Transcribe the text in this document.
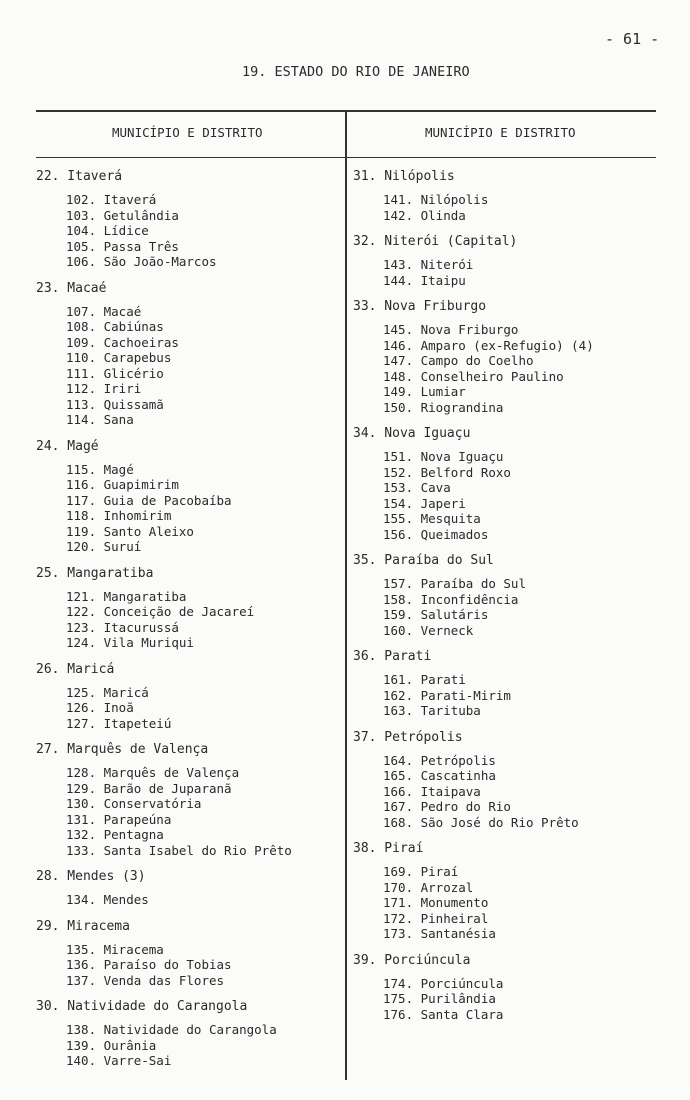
- 61 -
19. ESTADO DO RIO DE JANEIRO
MUNICÍPIO E DISTRITO	MUNICÍPIO E DISTRITO
22. Itaverá
102. Itaverá
103. Getulândia
104. Lídice
105. Passa Três
106. São João-Marcos
23. Macaé
107. Macaé
108. Cabiúnas
109. Cachoeiras
110. Carapebus
111. Glicério
112. Iriri
113. Quissamã
114. Sana
24. Magé
115. Magé
116. Guapimirim
117. Guia de Pacobaíba
118. Inhomirim
119. Santo Aleixo
120. Suruí
25. Mangaratiba
121. Mangaratiba
122. Conceição de Jacareí
123. Itacurussá
124. Vila Muriqui
26. Maricá
125. Maricá
126. Inoã
127. Itapeteiú
27. Marquês de Valença
128. Marquês de Valença
129. Barão de Juparanã
130. Conservatória
131. Parapeúna
132. Pentagna
133. Santa Isabel do Rio Prêto
28. Mendes (3)
134. Mendes
29. Miracema
135. Miracema
136. Paraíso do Tobias
137. Venda das Flores
30. Natividade do Carangola
138. Natividade do Carangola
139. Ourânia
140. Varre-Sai
31. Nilópolis
141. Nilópolis
142. Olinda
32. Niterói (Capital)
143. Niterói
144. Itaipu
33. Nova Friburgo
145. Nova Friburgo
146. Amparo (ex-Refugio) (4)
147. Campo do Coelho
148. Conselheiro Paulino
149. Lumiar
150. Riograndina
34. Nova Iguaçu
151. Nova Iguaçu
152. Belford Roxo
153. Cava
154. Japeri
155. Mesquita
156. Queimados
35. Paraíba do Sul
157. Paraíba do Sul
158. Inconfidência
159. Salutáris
160. Verneck
36. Parati
161. Parati
162. Parati-Mirim
163. Tarituba
37. Petrópolis
164. Petrópolis
165. Cascatinha
166. Itaipava
167. Pedro do Rio
168. São José do Rio Prêto
38. Piraí
169. Piraí
170. Arrozal
171. Monumento
172. Pinheiral
173. Santanésia
39. Porciúncula
174. Porciúncula
175. Purilândia
176. Santa Clara
